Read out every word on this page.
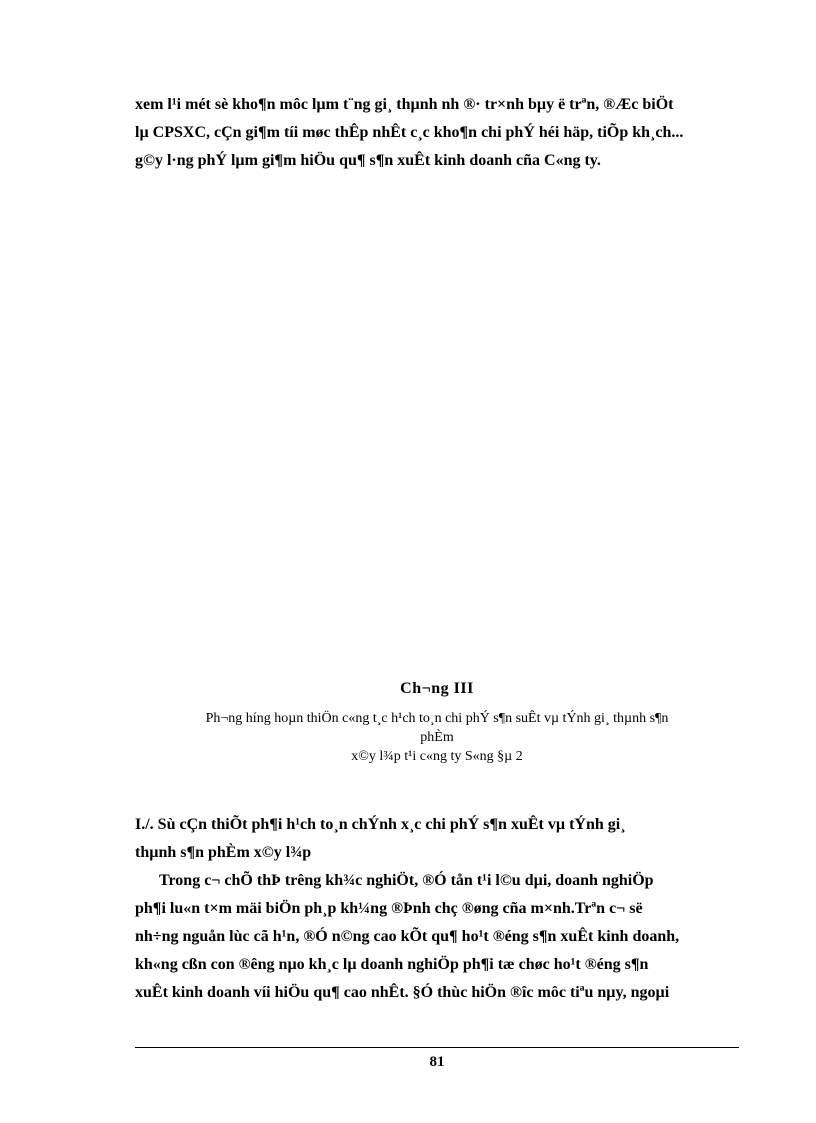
xem l¹i mét sè kho¶n môc lµm t¨ng gi¸ thµnh nh ®· tr×nh bµy ë trªn, ®Æc biÖt

lµ CPSXC, cÇn gi¶m tíi møc thÊp nhÊt c¸c kho¶n chi phÝ héi häp, tiÕp kh¸ch...

g©y l·ng phÝ lµm gi¶m hiÖu qu¶ s¶n xuÊt kinh doanh cña C«ng ty.

Ch¬ng III
Ph¬ng híng hoµn thiÖn c«ng t¸c h¹ch to¸n chi phÝ s¶n suÊt vµ tÝnh gi¸ thµnh s¶n
phÈm
x©y l¾p t¹i c«ng ty S«ng §µ 2

I./. Sù cÇn thiÕt ph¶i h¹ch to¸n chÝnh x¸c chi phÝ s¶n xuÊt vµ tÝnh gi¸

thµnh s¶n phÈm x©y l¾p

Trong c¬ chÕ thÞ trêng kh¾c nghiÖt, ®Ó tån t¹i l©u dµi, doanh nghiÖp

ph¶i lu«n t×m mäi biÖn ph¸p kh¼ng ®Þnh chç ®øng cña m×nh.Trªn c¬ së

nh÷ng nguån lùc cã h¹n, ®Ó n©ng cao kÕt qu¶ ho¹t ®éng s¶n xuÊt kinh doanh,

kh«ng cßn con ®êng nµo kh¸c lµ doanh nghiÖp ph¶i tæ chøc ho¹t ®éng s¶n

xuÊt kinh doanh víi hiÖu qu¶ cao nhÊt. §Ó thùc hiÖn ®îc môc tiªu nµy, ngoµi

81
